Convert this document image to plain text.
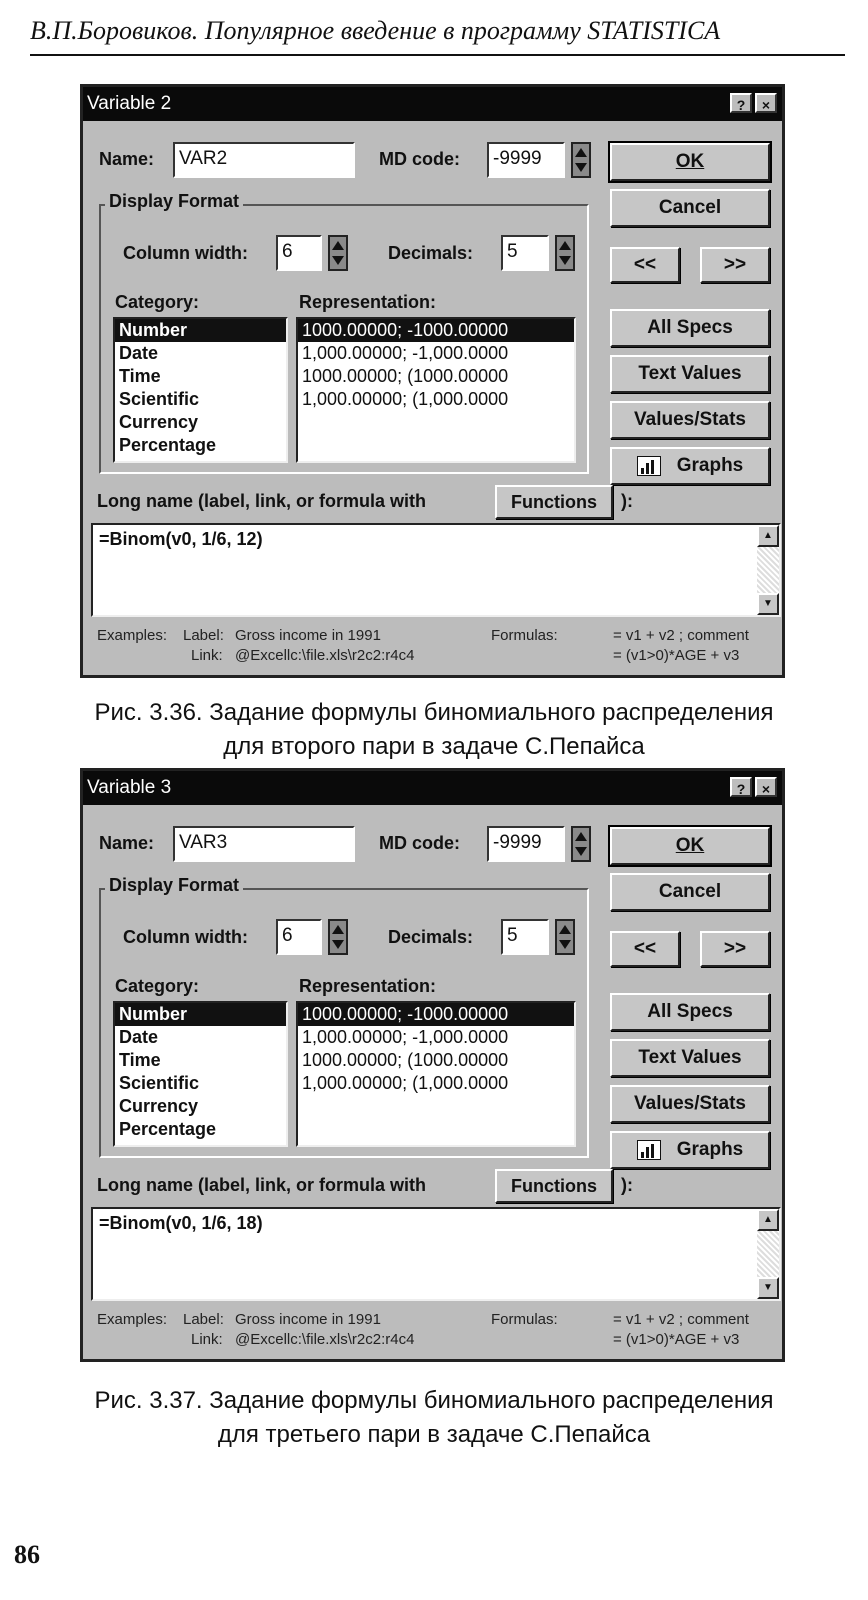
В.П.Боровиков. Популярное введение в программу STATISTICA
Variable 2	?	×
Name:	VAR2	MD code:	-9999	OK
Cancel
Display Format
Column width:	6	Decimals:	5
<<	>>
Category:	Representation:
Number
Date
Time
Scientific
Currency
Percentage
1000.00000; -1000.00000
1,000.00000; -1,000.0000
1000.00000; (1000.00000
1,000.00000; (1,000.0000
All Specs
Text Values
Values/Stats
Graphs
Long name (label, link, or formula with	Functions	):
=Binom(v0, 1/6, 12)	▲
▼
Examples: Label: Gross income in 1991
Link: @Excellc:\file.xls\r2c2:r4c4
Formulas:	= v1 + v2 ; comment
= (v1>0)*AGE + v3
Рис. 3.36. Задание формулы биномиального распределения
для второго пари в задаче С.Пепайса
Variable 3	?	×
Name:	VAR3	MD code:	-9999	OK
Cancel
Display Format
Column width:	6	Decimals:	5
<<	>>
Category:	Representation:
Number
Date
Time
Scientific
Currency
Percentage
1000.00000; -1000.00000
1,000.00000; -1,000.0000
1000.00000; (1000.00000
1,000.00000; (1,000.0000
All Specs
Text Values
Values/Stats
Graphs
Long name (label, link, or formula with	Functions	):
=Binom(v0, 1/6, 18)	▲
▼
Examples: Label: Gross income in 1991
Link: @Excellc:\file.xls\r2c2:r4c4
Formulas:	= v1 + v2 ; comment
= (v1>0)*AGE + v3
Рис. 3.37. Задание формулы биномиального распределения
для третьего пари в задаче С.Пепайса
86
